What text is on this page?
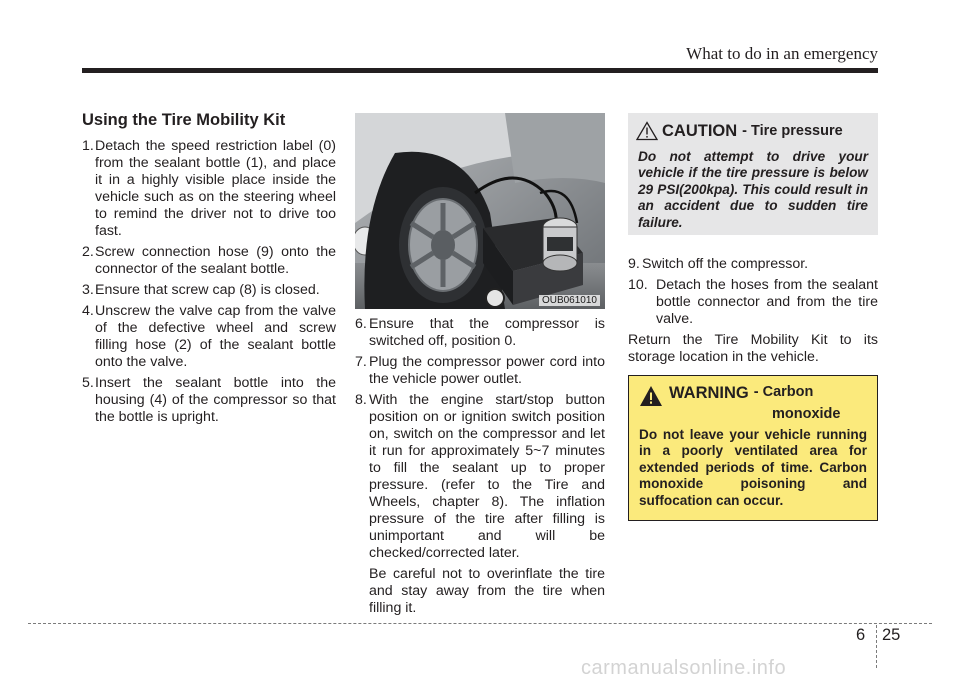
What to do in an emergency
Using the Tire Mobility Kit
1. Detach the speed restriction label (0) from the sealant bottle (1), and place it in a highly visible place inside the vehicle such as on the steering wheel to remind the driver not to drive too fast.
2. Screw connection hose (9) onto the connector of the sealant bottle.
3. Ensure that screw cap (8) is closed.
4. Unscrew the valve cap from the valve of the defective wheel and screw filling hose (2) of the sealant bottle onto the valve.
5. Insert the sealant bottle into the housing (4) of the compressor so that the bottle is upright.
OUB061010
6. Ensure that the compressor is switched off, position 0.
7. Plug the compressor power cord into the vehicle power outlet.
8. With the engine start/stop button position on or ignition switch position on, switch on the compressor and let it run for approximately 5~7 minutes to fill the sealant up to proper pressure. (refer to the Tire and Wheels, chapter 8). The inflation pressure of the tire after filling is unimportant and will be checked/corrected later.
Be careful not to overinflate the tire and stay away from the tire when filling it.
CAUTION - Tire pressure
Do not attempt to drive your vehicle if the tire pressure is below 29 PSI(200kpa). This could result in an accident due to sudden tire failure.
9. Switch off the compressor.
10. Detach the hoses from the sealant bottle connector and from the tire valve.
Return the Tire Mobility Kit to its storage location in the vehicle.
WARNING - Carbon
monoxide
Do not leave your vehicle running in a poorly ventilated area for extended periods of time. Carbon monoxide poisoning and suffocation can occur.
6 25
carmanualsonline.info
